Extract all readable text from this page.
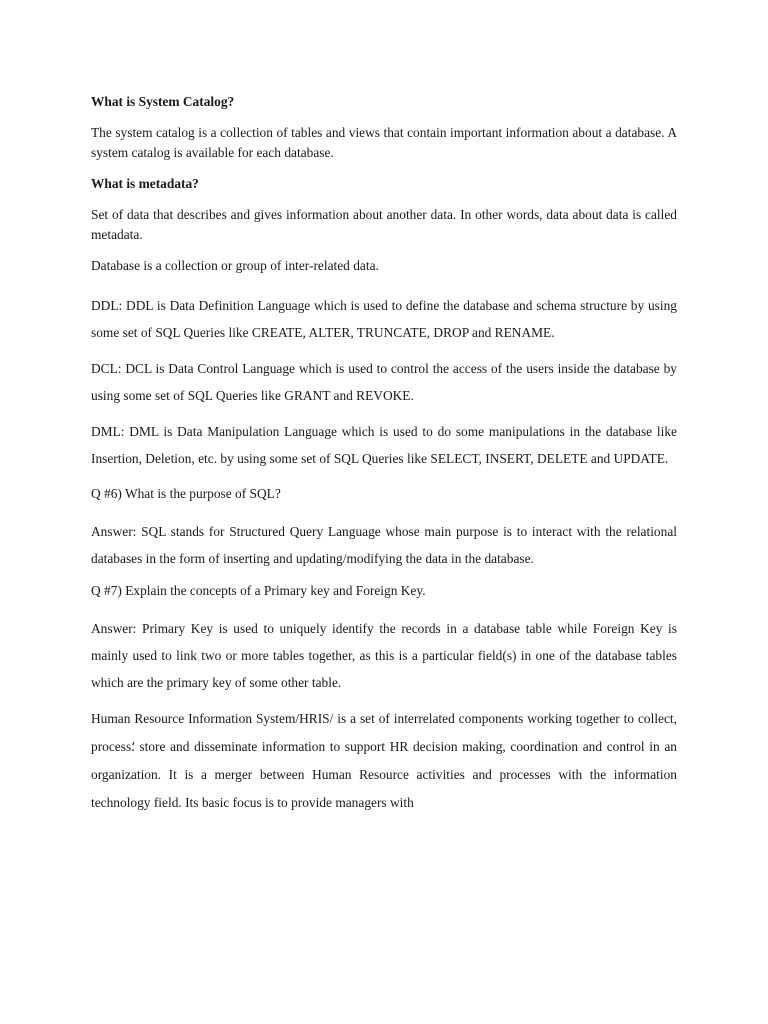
What is System Catalog?

The system catalog is a collection of tables and views that contain important information about a database. A system catalog is available for each database.

What is metadata?

Set of data that describes and gives information about another data. In other words, data about data is called metadata.

Database is a collection or group of inter-related data.

DDL: DDL is Data Definition Language which is used to define the database and schema structure by using some set of SQL Queries like CREATE, ALTER, TRUNCATE, DROP and RENAME.

DCL: DCL is Data Control Language which is used to control the access of the users inside the database by using some set of SQL Queries like GRANT and REVOKE.

DML: DML is Data Manipulation Language which is used to do some manipulations in the database like Insertion, Deletion, etc. by using some set of SQL Queries like SELECT, INSERT, DELETE and UPDATE.

Q #6) What is the purpose of SQL?

Answer: SQL stands for Structured Query Language whose main purpose is to interact with the relational databases in the form of inserting and updating/modifying the data in the database.

Q #7) Explain the concepts of a Primary key and Foreign Key.

Answer: Primary Key is used to uniquely identify the records in a database table while Foreign Key is mainly used to link two or more tables together, as this is a particular field(s) in one of the database tables which are the primary key of some other table.

Human Resource Information System/HRIS/ is a set of interrelated components working together to collect, process⸵ store and disseminate information to support HR decision making, coordination and control in an organization. It is a merger between Human Resource activities and processes with the information technology field. Its basic focus is to provide managers with
